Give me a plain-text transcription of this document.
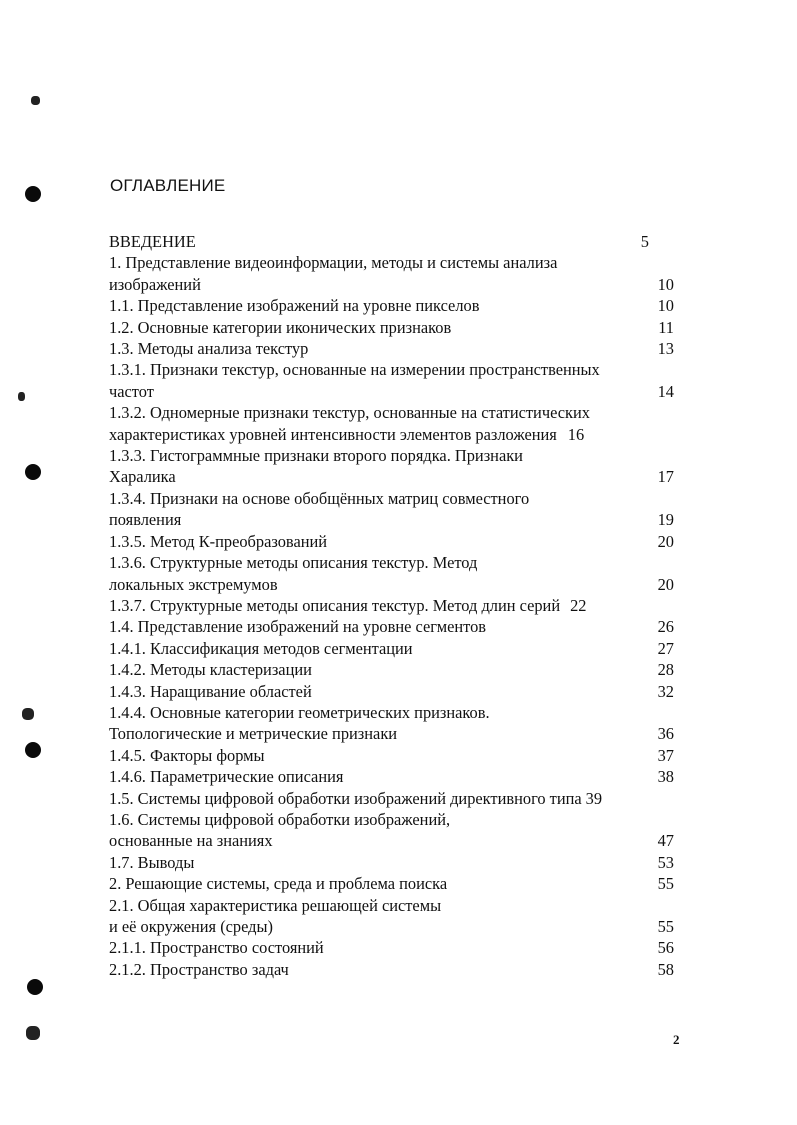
ОГЛАВЛЕНИЕ
ВВЕДЕНИЕ	5
1. Представление видеоинформации, методы и системы анализа
изображений	10
1.1. Представление изображений на уровне пикселов	10
1.2. Основные категории иконических признаков	11
1.3. Методы анализа текстур	13
1.3.1. Признаки текстур, основанные на измерении пространственных
частот	14
1.3.2. Одномерные признаки текстур, основанные на статистических
характеристиках уровней интенсивности элементов разложения 16
1.3.3. Гистограммные признаки второго порядка. Признаки
Харалика	17
1.3.4. Признаки на основе обобщённых матриц совместного
появления	19
1.3.5. Метод К-преобразований	20
1.3.6. Структурные методы описания текстур. Метод
локальных экстремумов	20
1.3.7. Структурные методы описания текстур. Метод длин серий 22
1.4. Представление изображений на уровне сегментов	26
1.4.1. Классификация методов сегментации	27
1.4.2. Методы кластеризации	28
1.4.3. Наращивание областей	32
1.4.4. Основные категории геометрических признаков.
Топологические и метрические признаки	36
1.4.5. Факторы формы	37
1.4.6. Параметрические описания	38
1.5. Системы цифровой обработки изображений директивного типа 39
1.6. Системы цифровой обработки изображений,
основанные на знаниях	47
1.7. Выводы	53
2. Решающие системы, среда и проблема поиска	55
2.1. Общая характеристика решающей системы
и её окружения (среды)	55
2.1.1. Пространство состояний	56
2.1.2. Пространство задач	58
2
